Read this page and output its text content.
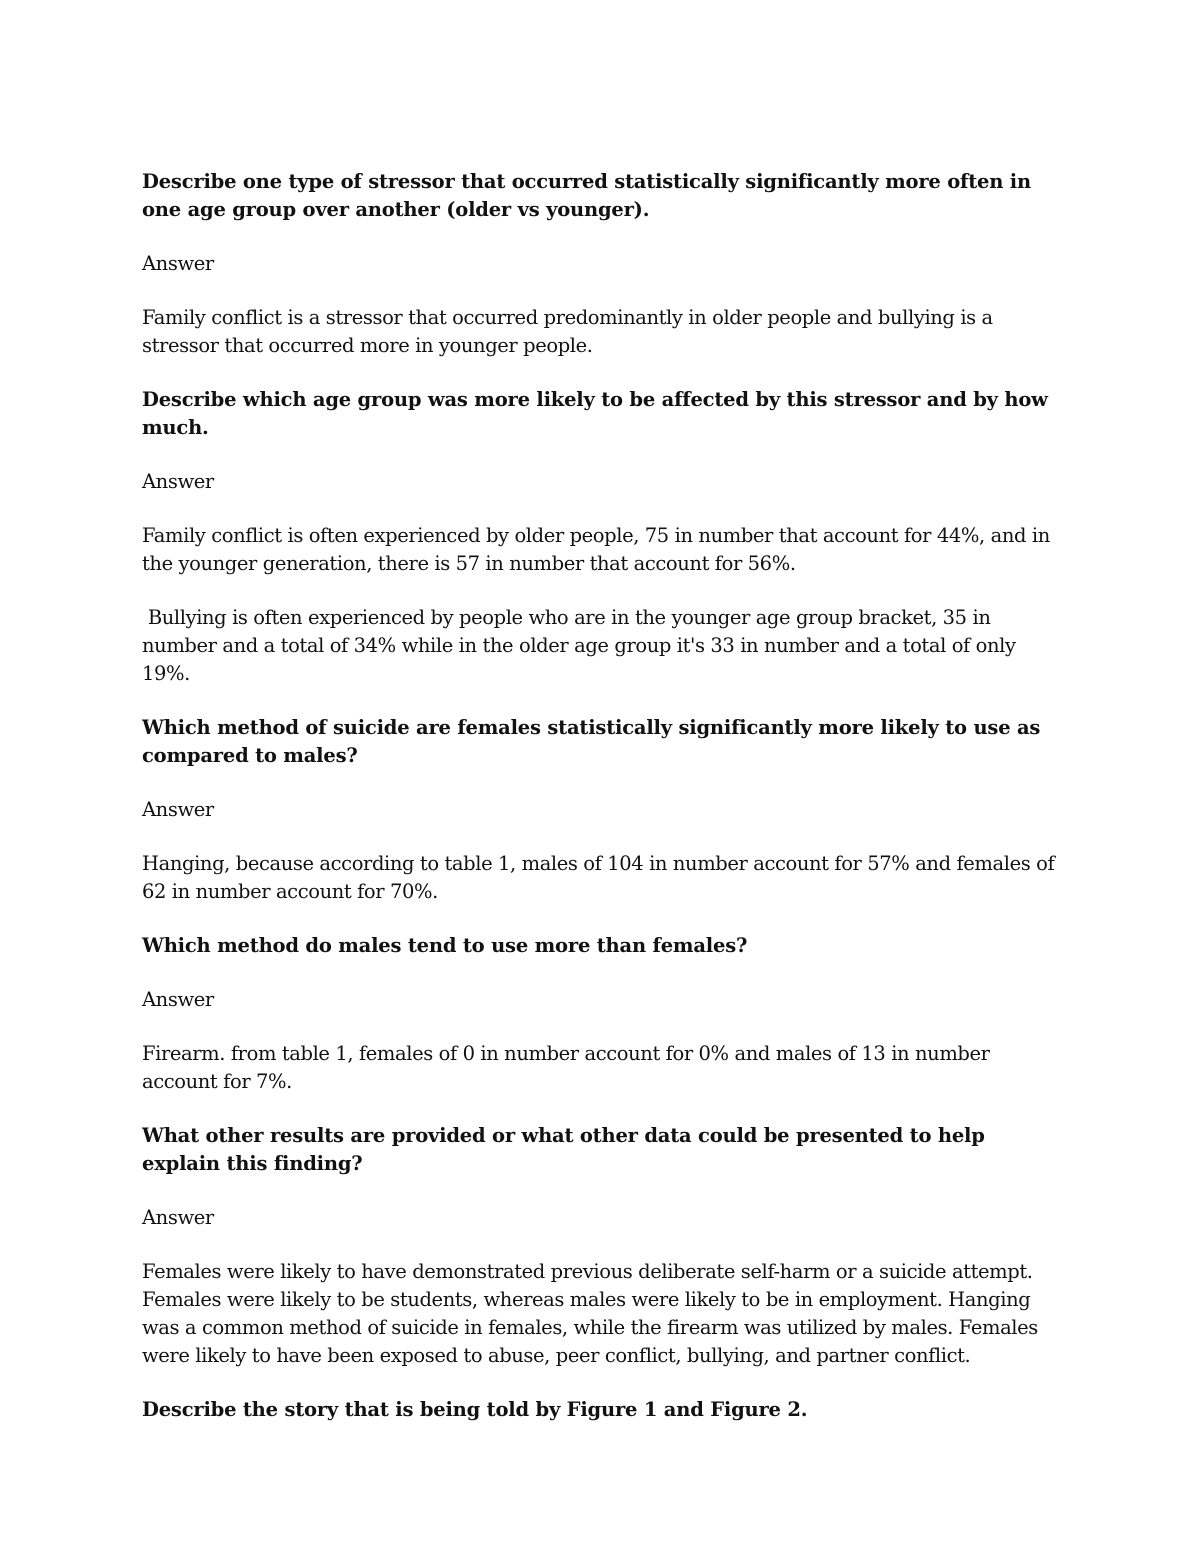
Describe one type of stressor that occurred statistically significantly more often in one age group over another (older vs younger).

Answer

Family conflict is a stressor that occurred predominantly in older people and bullying is a stressor that occurred more in younger people.

Describe which age group was more likely to be affected by this stressor and by how much.

Answer

Family conflict is often experienced by older people, 75 in number that account for 44%, and in the younger generation, there is 57 in number that account for 56%.

Bullying is often experienced by people who are in the younger age group bracket, 35 in number and a total of 34% while in the older age group it's 33 in number and a total of only 19%.

Which method of suicide are females statistically significantly more likely to use as compared to males?

Answer

Hanging, because according to table 1, males of 104 in number account for 57% and females of 62 in number account for 70%.

Which method do males tend to use more than females?

Answer

Firearm. from table 1, females of 0 in number account for 0% and males of 13 in number account for 7%.

What other results are provided or what other data could be presented to help explain this finding?

Answer

Females were likely to have demonstrated previous deliberate self-harm or a suicide attempt. Females were likely to be students, whereas males were likely to be in employment. Hanging was a common method of suicide in females, while the firearm was utilized by males. Females were likely to have been exposed to abuse, peer conflict, bullying, and partner conflict.

Describe the story that is being told by Figure 1 and Figure 2.
